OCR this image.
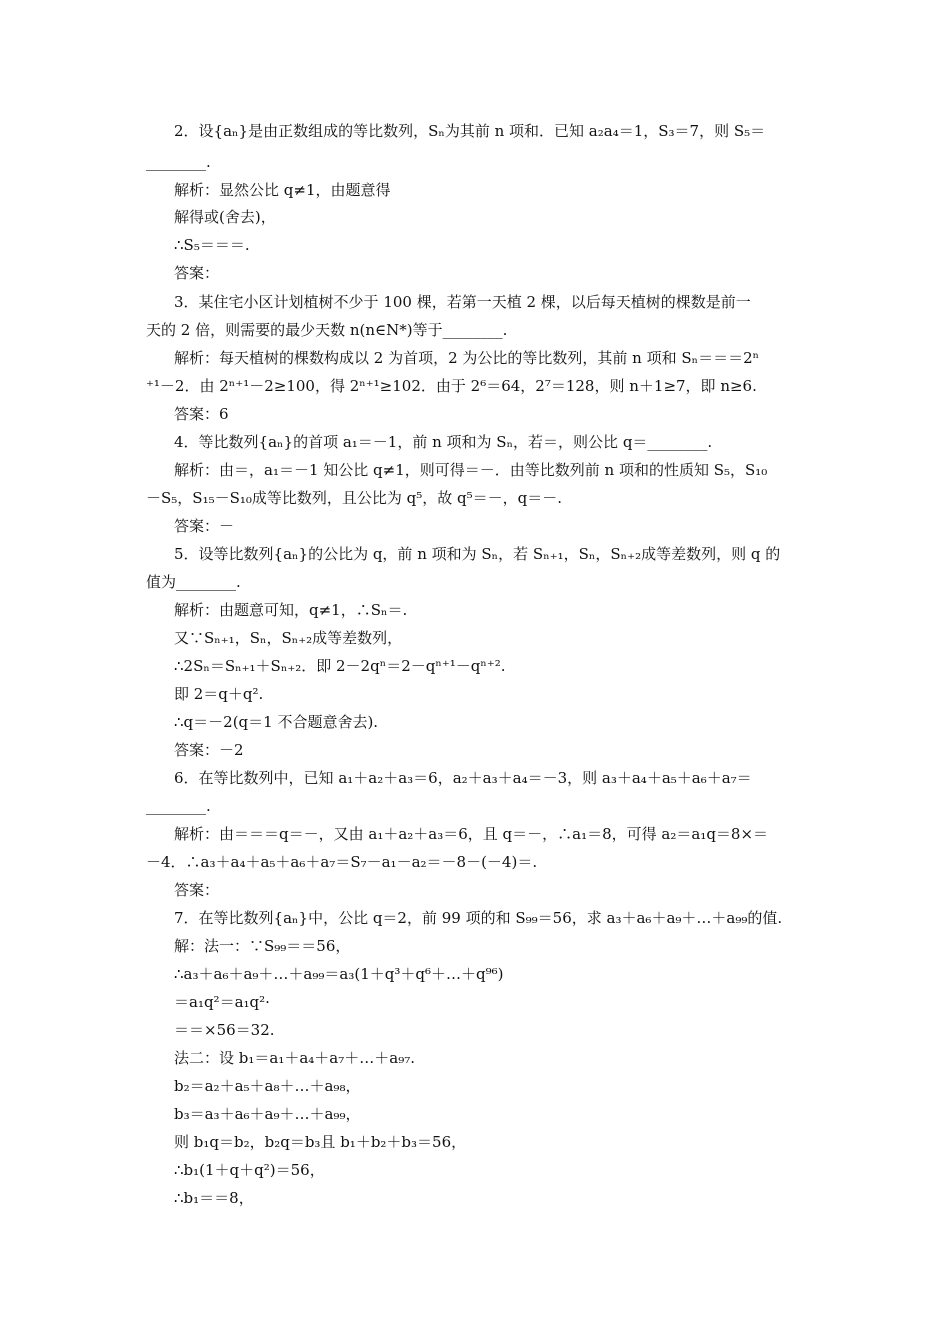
2．设{aₙ}是由正数组成的等比数列，Sₙ为其前 n 项和．已知 a₂a₄＝1，S₃＝7，则 S₅＝
________.
解析：显然公比 q≠1，由题意得
解得或(舍去)，
∴S₅＝＝＝.
答案：
3．某住宅小区计划植树不少于 100 棵，若第一天植 2 棵，以后每天植树的棵数是前一
天的 2 倍，则需要的最少天数 n(n∈N*)等于________.
解析：每天植树的棵数构成以 2 为首项，2 为公比的等比数列，其前 n 项和 Sₙ＝＝＝2ⁿ
⁺¹－2．由 2ⁿ⁺¹－2≥100，得 2ⁿ⁺¹≥102．由于 2⁶＝64，2⁷＝128，则 n＋1≥7，即 n≥6.
答案：6
4．等比数列{aₙ}的首项 a₁＝－1，前 n 项和为 Sₙ，若＝，则公比 q＝________.
解析：由＝，a₁＝－1 知公比 q≠1，则可得＝－．由等比数列前 n 项和的性质知 S₅，S₁₀
－S₅，S₁₅－S₁₀成等比数列，且公比为 q⁵，故 q⁵＝－，q＝－.
答案：－
5．设等比数列{aₙ}的公比为 q，前 n 项和为 Sₙ，若 Sₙ₊₁，Sₙ，Sₙ₊₂成等差数列，则 q 的
值为________.
解析：由题意可知，q≠1，∴Sₙ＝.
又∵Sₙ₊₁，Sₙ，Sₙ₊₂成等差数列，
∴2Sₙ＝Sₙ₊₁＋Sₙ₊₂．即 2－2qⁿ＝2－qⁿ⁺¹－qⁿ⁺².
即 2＝q＋q².
∴q＝－2(q＝1 不合题意舍去).
答案：－2
6．在等比数列中，已知 a₁＋a₂＋a₃＝6，a₂＋a₃＋a₄＝－3，则 a₃＋a₄＋a₅＋a₆＋a₇＝
________.
解析：由＝＝＝q＝－，又由 a₁＋a₂＋a₃＝6，且 q＝－，∴a₁＝8，可得 a₂＝a₁q＝8×＝
－4．∴a₃＋a₄＋a₅＋a₆＋a₇＝S₇－a₁－a₂＝－8－(－4)＝.
答案：
7．在等比数列{aₙ}中，公比 q＝2，前 99 项的和 S₉₉＝56，求 a₃＋a₆＋a₉＋…＋a₉₉的值.
解：法一：∵S₉₉＝＝56，
∴a₃＋a₆＋a₉＋…＋a₉₉＝a₃(1＋q³＋q⁶＋…＋q⁹⁶)
＝a₁q²＝a₁q²·
＝＝×56＝32.
法二：设 b₁＝a₁＋a₄＋a₇＋…＋a₉₇.
b₂＝a₂＋a₅＋a₈＋…＋a₉₈，
b₃＝a₃＋a₆＋a₉＋…＋a₉₉，
则 b₁q＝b₂，b₂q＝b₃且 b₁＋b₂＋b₃＝56，
∴b₁(1＋q＋q²)＝56，
∴b₁＝＝8，
